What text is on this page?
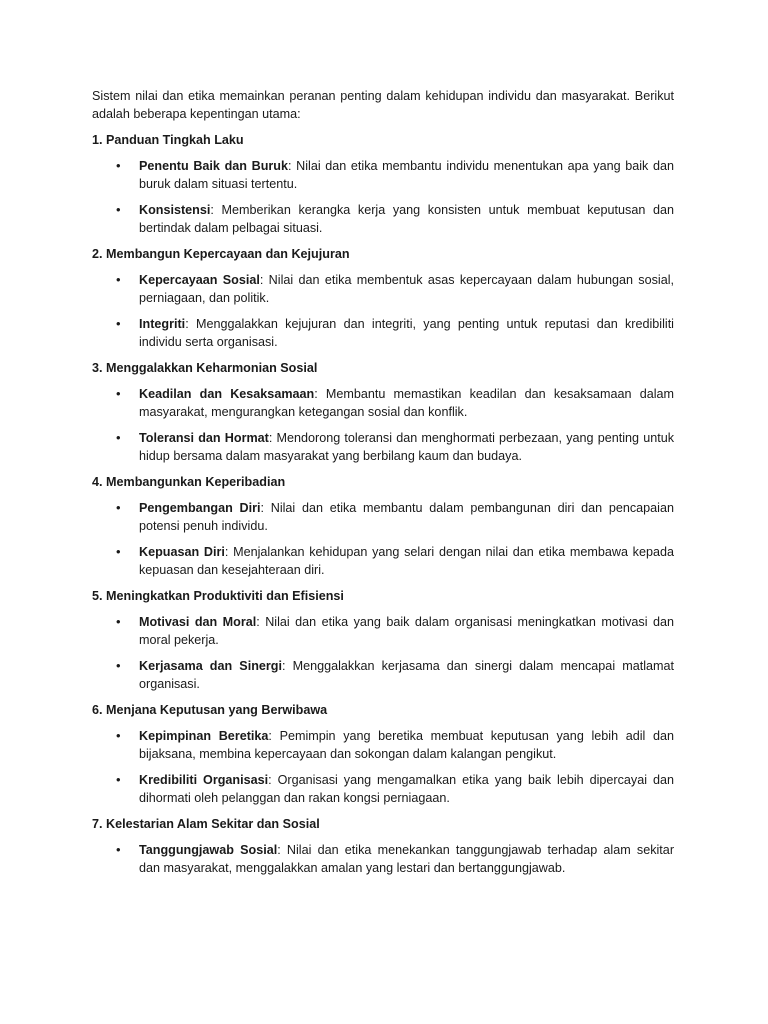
Sistem nilai dan etika memainkan peranan penting dalam kehidupan individu dan masyarakat. Berikut adalah beberapa kepentingan utama:

1. Panduan Tingkah Laku
• Penentu Baik dan Buruk: Nilai dan etika membantu individu menentukan apa yang baik dan buruk dalam situasi tertentu.
• Konsistensi: Memberikan kerangka kerja yang konsisten untuk membuat keputusan dan bertindak dalam pelbagai situasi.
2. Membangun Kepercayaan dan Kejujuran
• Kepercayaan Sosial: Nilai dan etika membentuk asas kepercayaan dalam hubungan sosial, perniagaan, dan politik.
• Integriti: Menggalakkan kejujuran dan integriti, yang penting untuk reputasi dan kredibiliti individu serta organisasi.
3. Menggalakkan Keharmonian Sosial
• Keadilan dan Kesaksamaan: Membantu memastikan keadilan dan kesaksamaan dalam masyarakat, mengurangkan ketegangan sosial dan konflik.
• Toleransi dan Hormat: Mendorong toleransi dan menghormati perbezaan, yang penting untuk hidup bersama dalam masyarakat yang berbilang kaum dan budaya.
4. Membangunkan Keperibadian
• Pengembangan Diri: Nilai dan etika membantu dalam pembangunan diri dan pencapaian potensi penuh individu.
• Kepuasan Diri: Menjalankan kehidupan yang selari dengan nilai dan etika membawa kepada kepuasan dan kesejahteraan diri.
5. Meningkatkan Produktiviti dan Efisiensi
• Motivasi dan Moral: Nilai dan etika yang baik dalam organisasi meningkatkan motivasi dan moral pekerja.
• Kerjasama dan Sinergi: Menggalakkan kerjasama dan sinergi dalam mencapai matlamat organisasi.
6. Menjana Keputusan yang Berwibawa
• Kepimpinan Beretika: Pemimpin yang beretika membuat keputusan yang lebih adil dan bijaksana, membina kepercayaan dan sokongan dalam kalangan pengikut.
• Kredibiliti Organisasi: Organisasi yang mengamalkan etika yang baik lebih dipercayai dan dihormati oleh pelanggan dan rakan kongsi perniagaan.
7. Kelestarian Alam Sekitar dan Sosial
• Tanggungjawab Sosial: Nilai dan etika menekankan tanggungjawab terhadap alam sekitar dan masyarakat, menggalakkan amalan yang lestari dan bertanggungjawab.
